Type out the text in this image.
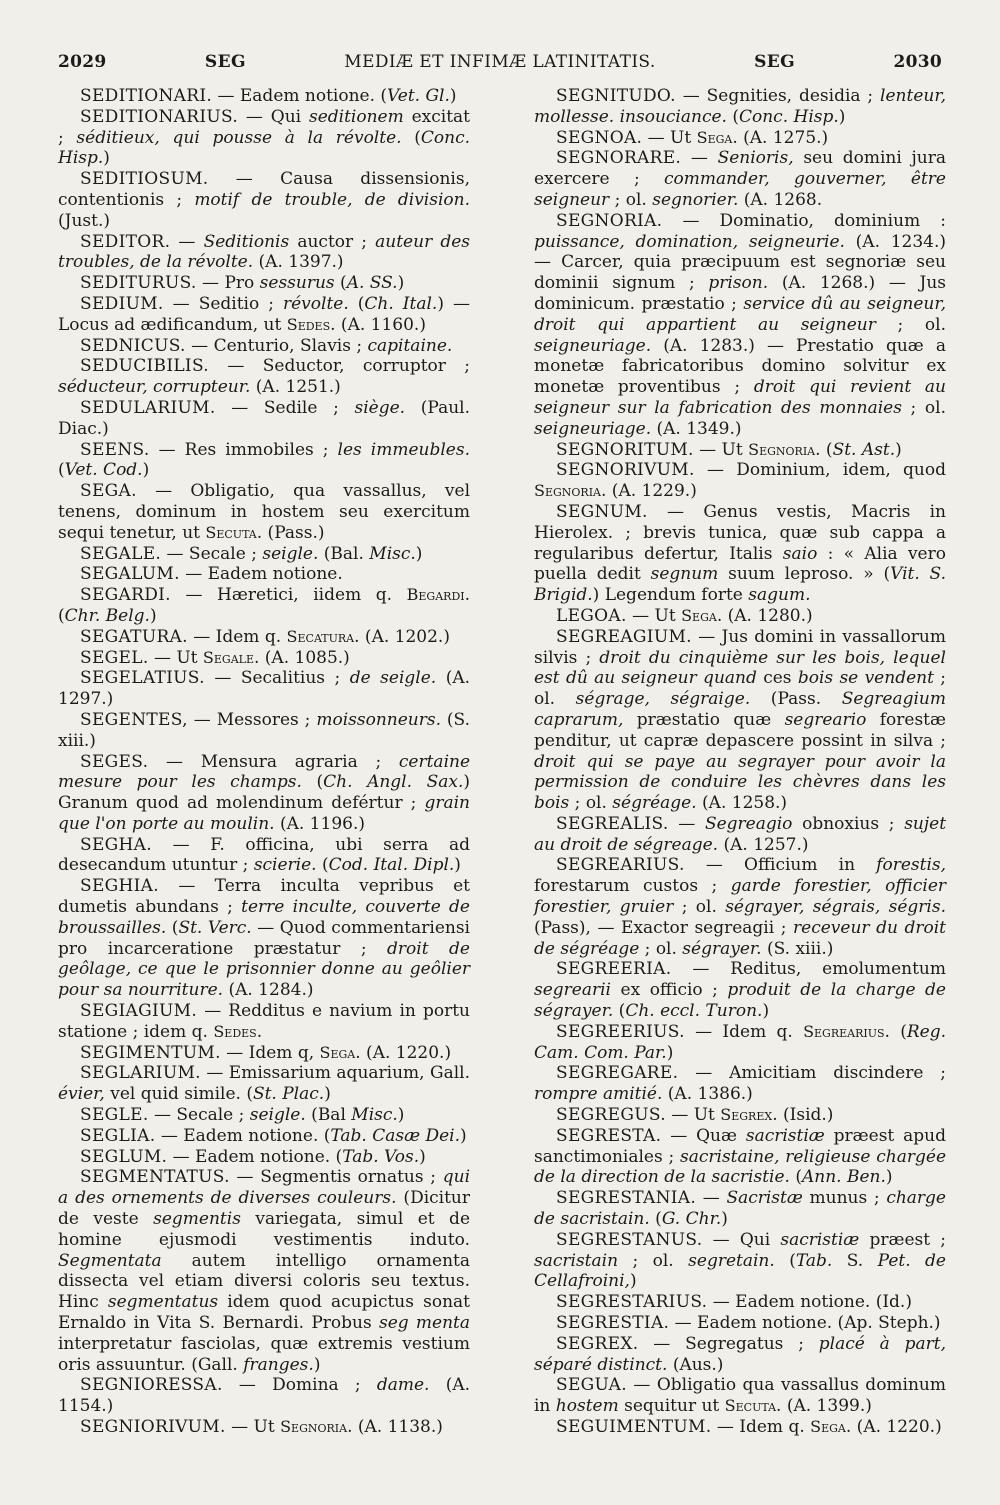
2029	SEG	MEDIÆ ET INFIMÆ LATINITATIS.	SEG	2030

SEDITIONARI. — Eadem notione. (Vet. Gl.)

SEDITIONARIUS. — Qui seditionem excitat ; séditieux, qui pousse à la révolte. (Conc. Hisp.)

SEDITIOSUM. — Causa dissensionis, contentionis ; motif de trouble, de division. (Just.)

SEDITOR. — Seditionis auctor ; auteur des troubles, de la révolte. (A. 1397.)

SEDITURUS. — Pro sessurus (A. SS.)

SEDIUM. — Seditio ; révolte. (Ch. Ital.) — Locus ad ædificandum, ut Sedes. (A. 1160.)

SEDNICUS. — Centurio, Slavis ; capitaine.

SEDUCIBILIS. — Seductor, corruptor ; séducteur, corrupteur. (A. 1251.)

SEDULARIUM. — Sedile ; siège. (Paul. Diac.)

SEENS. — Res immobiles ; les immeubles. (Vet. Cod.)

SEGA. — Obligatio, qua vassallus, vel tenens, dominum in hostem seu exercitum sequi tenetur, ut Secuta. (Pass.)

SEGALE. — Secale ; seigle. (Bal. Misc.)

SEGALUM. — Eadem notione.

SEGARDI. — Hæretici, iidem q. Begardi. (Chr. Belg.)

SEGATURA. — Idem q. Secatura. (A. 1202.)

SEGEL. — Ut Segale. (A. 1085.)

SEGELATIUS. — Secalitius ; de seigle. (A. 1297.)

SEGENTES, — Messores ; moissonneurs. (S. xiii.)

SEGES. — Mensura agraria ; certaine mesure pour les champs. (Ch. Angl. Sax.) Granum quod ad molendinum defértur ; grain que l'on porte au moulin. (A. 1196.)

SEGHA. — F. officina, ubi serra ad desecandum utuntur ; scierie. (Cod. Ital. Dipl.)

SEGHIA. — Terra inculta vepribus et dumetis abundans ; terre inculte, couverte de broussailles. (St. Verc. — Quod commentariensi pro incarceratione præstatur ; droit de geôlage, ce que le prisonnier donne au geôlier pour sa nourriture. (A. 1284.)

SEGIAGIUM. — Redditus e navium in portu statione ; idem q. Sedes.

SEGIMENTUM. — Idem q, Sega. (A. 1220.)

SEGLARIUM. — Emissarium aquarium, Gall. évier, vel quid simile. (St. Plac.)

SEGLE. — Secale ; seigle. (Bal Misc.)

SEGLIA. — Eadem notione. (Tab. Casæ Dei.)

SEGLUM. — Eadem notione. (Tab. Vos.)

SEGMENTATUS. — Segmentis ornatus ; qui a des ornements de diverses couleurs. (Dicitur de veste segmentis variegata, simul et de homine ejusmodi vestimentis induto. Segmentata autem intelligo ornamenta dissecta vel etiam diversi coloris seu textus. Hinc segmentatus idem quod acupictus sonat Ernaldo in Vita S. Bernardi. Probus seg menta interpretatur fasciolas, quæ extremis vestium oris assuuntur. (Gall. franges.)

SEGNIORESSA. — Domina ; dame. (A. 1154.)

SEGNIORIVUM. — Ut Segnoria. (A. 1138.)

SEGNITUDO. — Segnities, desidia ; lenteur, mollesse. insouciance. (Conc. Hisp.)

SEGNOA. — Ut Sega. (A. 1275.)

SEGNORARE. — Senioris, seu domini jura exercere ; commander, gouverner, être seigneur ; ol. segnorier. (A. 1268.

SEGNORIA. — Dominatio, dominium : puissance, domination, seigneurie. (A. 1234.) — Carcer, quia præcipuum est segnoriæ seu dominii signum ; prison. (A. 1268.) — Jus dominicum. præstatio ; service dû au seigneur, droit qui appartient au seigneur ; ol. seigneuriage. (A. 1283.) — Prestatio quæ a monetæ fabricatoribus domino solvitur ex monetæ proventibus ; droit qui revient au seigneur sur la fabrication des monnaies ; ol. seigneuriage. (A. 1349.)

SEGNORITUM. — Ut Segnoria. (St. Ast.)

SEGNORIVUM. — Dominium, idem, quod Segnoria. (A. 1229.)

SEGNUM. — Genus vestis, Macris in Hierolex. ; brevis tunica, quæ sub cappa a regularibus defertur, Italis saio : « Alia vero puella dedit segnum suum leproso. » (Vit. S. Brigid.) Legendum forte sagum.

LEGOA. — Ut Sega. (A. 1280.)

SEGREAGIUM. — Jus domini in vassallorum silvis ; droit du cinquième sur les bois, lequel est dû au seigneur quand ces bois se vendent ; ol. ségrage, ségraige. (Pass. Segreagium caprarum, præstatio quæ segreario forestæ penditur, ut capræ depascere possint in silva ; droit qui se paye au segrayer pour avoir la permission de conduire les chèvres dans les bois ; ol. ségréage. (A. 1258.)

SEGREALIS. — Segreagio obnoxius ; sujet au droit de ségreage. (A. 1257.)

SEGREARIUS. — Officium in forestis, forestarum custos ; garde forestier, officier forestier, gruier ; ol. ségrayer, ségrais, ségris. (Pass), — Exactor segreagii ; receveur du droit de ségréage ; ol. ségrayer. (S. xiii.)

SEGREERIA. — Reditus, emolumentum segrearii ex officio ; produit de la charge de ségrayer. (Ch. eccl. Turon.)

SEGREERIUS. — Idem q. Segrearius. (Reg. Cam. Com. Par.)

SEGREGARE. — Amicitiam discindere ; rompre amitié. (A. 1386.)

SEGREGUS. — Ut Segrex. (Isid.)

SEGRESTA. — Quæ sacristiæ præest apud sanctimoniales ; sacristaine, religieuse chargée de la direction de la sacristie. (Ann. Ben.)

SEGRESTANIA. — Sacristæ munus ; charge de sacristain. (G. Chr.)

SEGRESTANUS. — Qui sacristiæ præest ; sacristain ; ol. segretain. (Tab. S. Pet. de Cellafroini,)

SEGRESTARIUS. — Eadem notione. (Id.)

SEGRESTIA. — Eadem notione. (Ap. Steph.)

SEGREX. — Segregatus ; placé à part, séparé distinct. (Aus.)

SEGUA. — Obligatio qua vassallus dominum in hostem sequitur ut Secuta. (A. 1399.)

SEGUIMENTUM. — Idem q. Sega. (A. 1220.)
